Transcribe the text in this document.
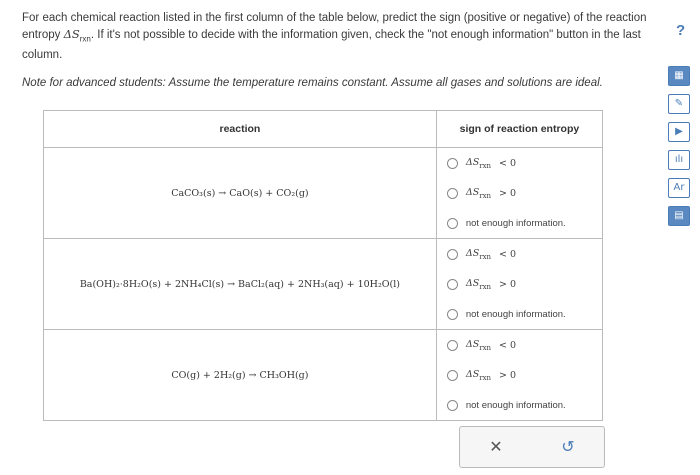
For each chemical reaction listed in the first column of the table below, predict the sign (positive or negative) of the reaction entropy $\Delta S_{rxn}$. If it's not possible to decide with the information given, check the "not enough information" button in the last column.
?
Note for advanced students: Assume the temperature remains constant. Assume all gases and solutions are ideal.
reaction	sign of reaction entropy
CaCO₃(s) → CaO(s) + CO₂(g)	$\Delta S_{rxn} < 0$
$\Delta S_{rxn} > 0$
not enough information.

Ba(OH)₂·8H₂O(s) + 2NH₄Cl(s) → BaCl₂(aq) + 2NH₃(aq) + 10H₂O(l)	$\Delta S_{rxn} < 0$
$\Delta S_{rxn} > 0$
not enough information.

CO(g) + 2H₂(g) → CH₃OH(g)	$\Delta S_{rxn} < 0$
$\Delta S_{rxn} > 0$
not enough information.
✕	↺
▦
✎
▶
ılı
Ar
▤
